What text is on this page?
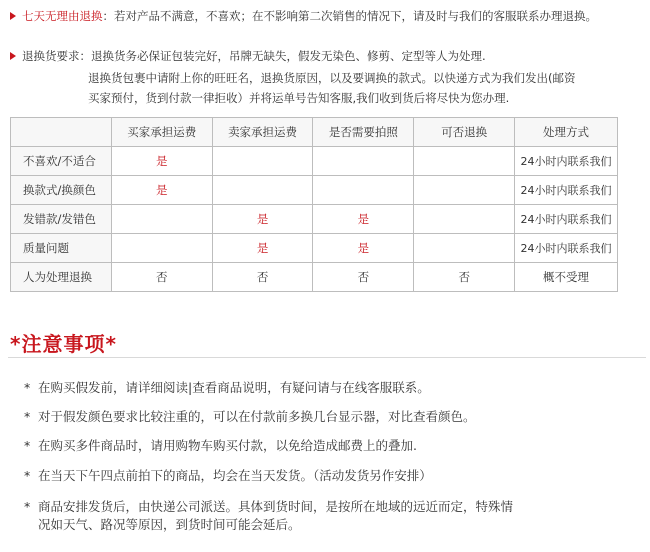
七天无理由退换：若对产品不满意，不喜欢；在不影响第二次销售的情况下，请及时与我们的客服联系办理退换。
退换货要求：退换货务必保证包装完好，吊牌无缺失，假发无染色、修剪、定型等人为处理.
退换货包裹中请附上你的旺旺名，退换货原因，以及要调换的款式。以快递方式为我们发出(邮资
买家预付，货到付款一律拒收）并将运单号告知客服,我们收到货后将尽快为您办理.
	买家承担运费	卖家承担运费	是否需要拍照	可否退换	处理方式
不喜欢/不适合	是				24小时内联系我们
换款式/换颜色	是				24小时内联系我们
发错款/发错色		是	是		24小时内联系我们
质量问题		是	是		24小时内联系我们
人为处理退换	否	否	否	否	概不受理
*注意事项*
* 在购买假发前，请详细阅读|查看商品说明，有疑问请与在线客服联系。
* 对于假发颜色要求比较注重的，可以在付款前多换几台显示器，对比查看颜色。
* 在购买多件商品时，请用购物车购买付款，以免给造成邮费上的叠加.
* 在当天下午四点前拍下的商品，均会在当天发货。（活动发货另作安排）
* 商品安排发货后，由快递公司派送。具体到货时间，是按所在地域的远近而定，特殊情
况如天气、路况等原因，到货时间可能会延后。
